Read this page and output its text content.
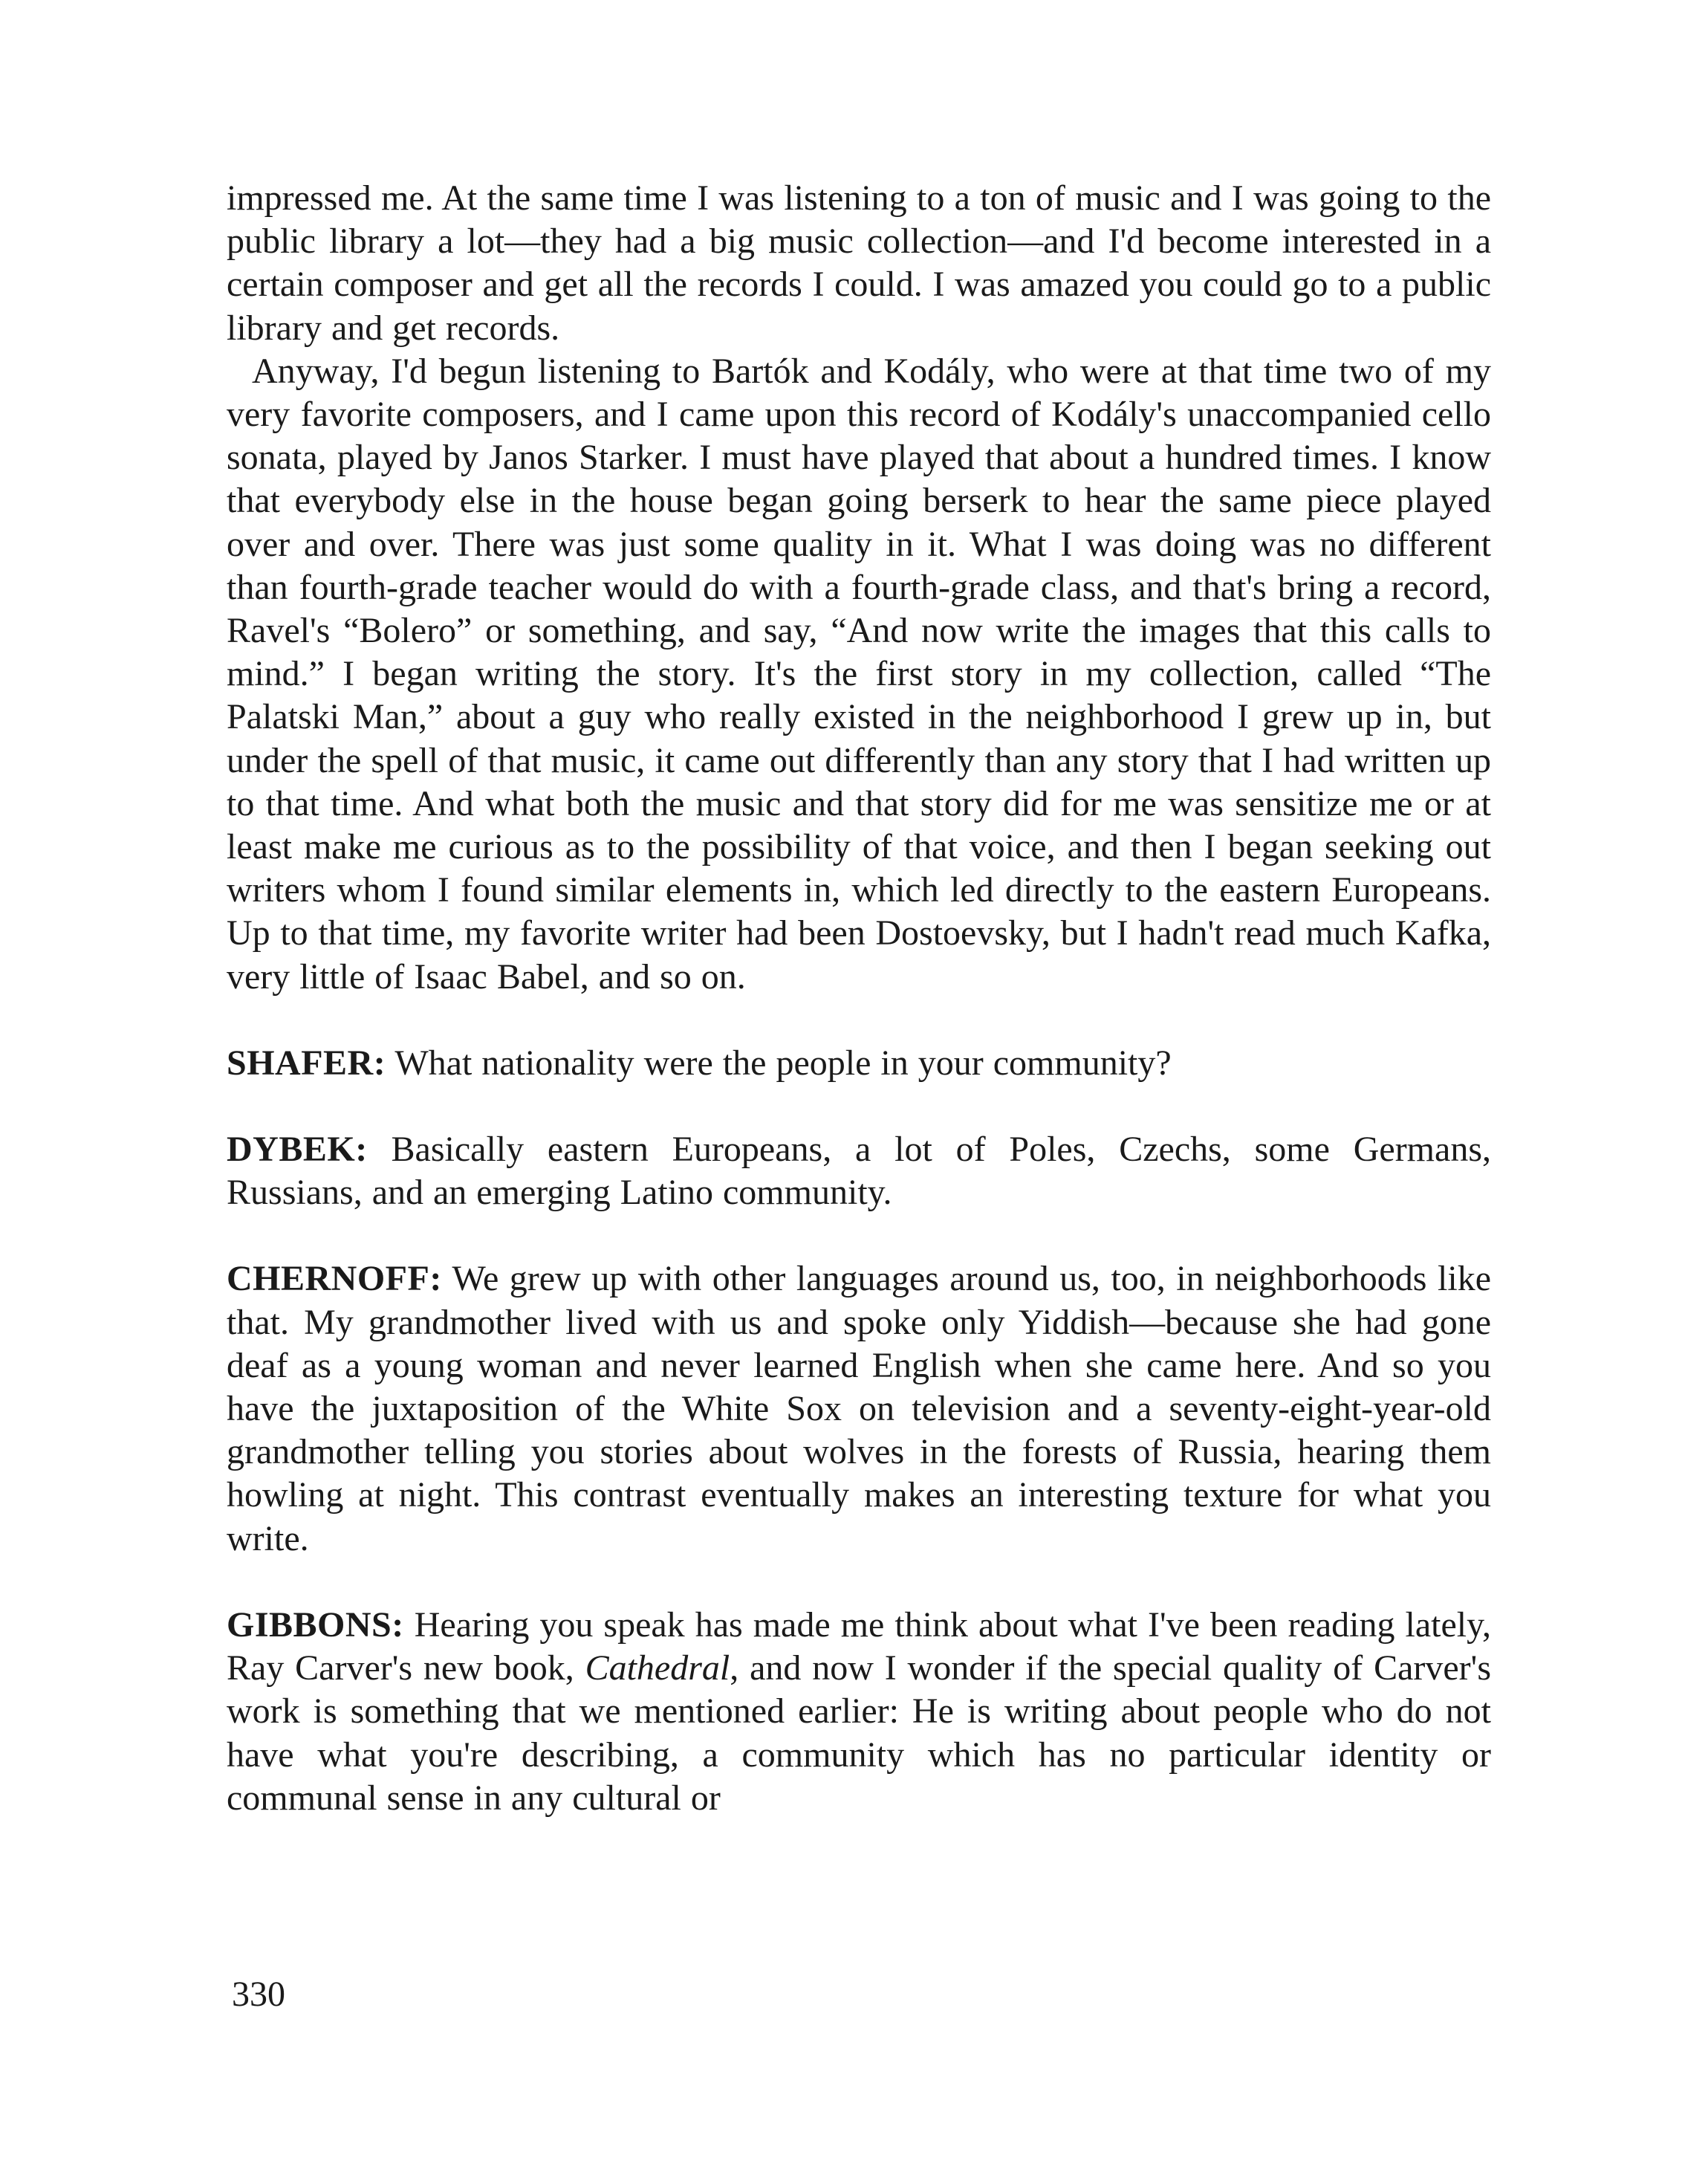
impressed me. At the same time I was listening to a ton of music and I was going to the public library a lot—they had a big music collection—and I'd become interested in a certain composer and get all the records I could. I was amazed you could go to a public library and get records.

Anyway, I'd begun listening to Bartók and Kodály, who were at that time two of my very favorite composers, and I came upon this record of Kodály's unaccompanied cello sonata, played by Janos Starker. I must have played that about a hundred times. I know that everybody else in the house began going berserk to hear the same piece played over and over. There was just some quality in it. What I was doing was no different than fourth-grade teacher would do with a fourth-grade class, and that's bring a record, Ravel's “Bolero” or something, and say, “And now write the images that this calls to mind.” I began writing the story. It's the first story in my collection, called “The Palatski Man,” about a guy who really existed in the neighborhood I grew up in, but under the spell of that music, it came out differently than any story that I had written up to that time. And what both the music and that story did for me was sensitize me or at least make me curious as to the possibility of that voice, and then I began seeking out writers whom I found similar elements in, which led directly to the eastern Europeans. Up to that time, my favorite writer had been Dostoevsky, but I hadn't read much Kafka, very little of Isaac Babel, and so on.

SHAFER: What nationality were the people in your community?

DYBEK: Basically eastern Europeans, a lot of Poles, Czechs, some Germans, Russians, and an emerging Latino community.

CHERNOFF: We grew up with other languages around us, too, in neighborhoods like that. My grandmother lived with us and spoke only Yiddish—because she had gone deaf as a young woman and never learned English when she came here. And so you have the juxtaposition of the White Sox on television and a seventy-eight-year-old grandmother telling you stories about wolves in the forests of Russia, hearing them howling at night. This contrast eventually makes an interesting texture for what you write.

GIBBONS: Hearing you speak has made me think about what I've been reading lately, Ray Carver's new book, Cathedral, and now I wonder if the special quality of Carver's work is something that we mentioned earlier: He is writing about people who do not have what you're describing, a community which has no particular identity or communal sense in any cultural or

330
